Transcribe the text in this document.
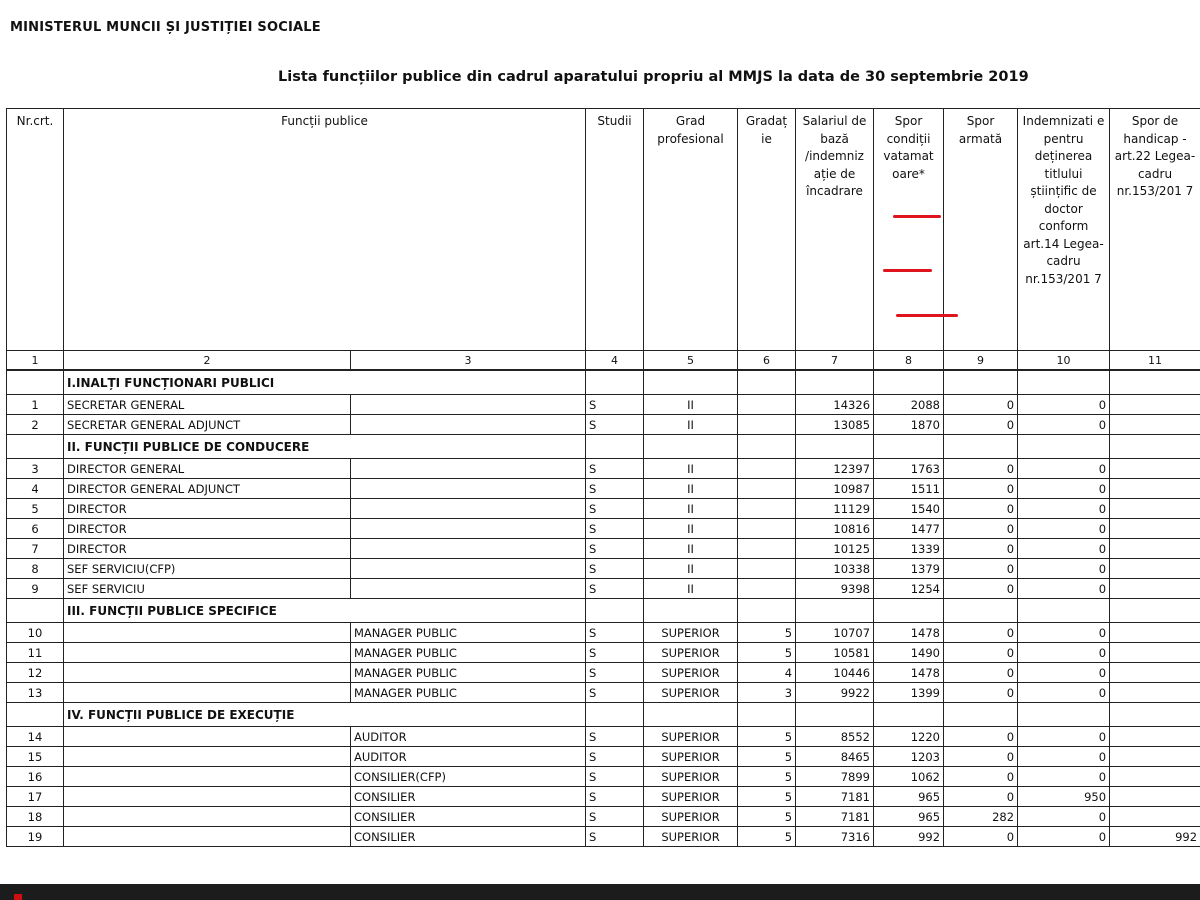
MINISTERUL MUNCII ȘI JUSTIȚIEI SOCIALE
Lista funcțiilor publice din cadrul aparatului propriu al MMJS la data de 30 septembrie 2019
Nr.crt.	Funcții publice		Studii	Grad profesional	Gradaț ie	Salariul de bază /indemniz ație de încadrare	Spor condiții vatamat oare*	Spor armată	Indemnizati e pentru deținerea titlului științific de doctor conform art.14 Legea-cadru nr.153/201 7	Spor de handicap - art.22 Legea-cadru nr.153/201 7
1	2	3	4	5	6	7	8	9	10	11
	I.INALȚI FUNCȚIONARI PUBLICI									
1	SECRETAR GENERAL		S	II		14326	2088	0	0	
2	SECRETAR GENERAL ADJUNCT		S	II		13085	1870	0	0	
	II. FUNCȚII PUBLICE DE CONDUCERE									
3	DIRECTOR GENERAL		S	II		12397	1763	0	0	
4	DIRECTOR GENERAL ADJUNCT		S	II		10987	1511	0	0	
5	DIRECTOR		S	II		11129	1540	0	0	
6	DIRECTOR		S	II		10816	1477	0	0	
7	DIRECTOR		S	II		10125	1339	0	0	
8	SEF SERVICIU(CFP)		S	II		10338	1379	0	0	
9	SEF SERVICIU		S	II		9398	1254	0	0	
	III. FUNCȚII PUBLICE SPECIFICE									
10		MANAGER PUBLIC	S	SUPERIOR	5	10707	1478	0	0	
11		MANAGER PUBLIC	S	SUPERIOR	5	10581	1490	0	0	
12		MANAGER PUBLIC	S	SUPERIOR	4	10446	1478	0	0	
13		MANAGER PUBLIC	S	SUPERIOR	3	9922	1399	0	0	
	IV. FUNCȚII PUBLICE DE EXECUȚIE									
14		AUDITOR	S	SUPERIOR	5	8552	1220	0	0	
15		AUDITOR	S	SUPERIOR	5	8465	1203	0	0	
16		CONSILIER(CFP)	S	SUPERIOR	5	7899	1062	0	0	
17		CONSILIER	S	SUPERIOR	5	7181	965	0	950	
18		CONSILIER	S	SUPERIOR	5	7181	965	282	0	
19		CONSILIER	S	SUPERIOR	5	7316	992	0	0	992
